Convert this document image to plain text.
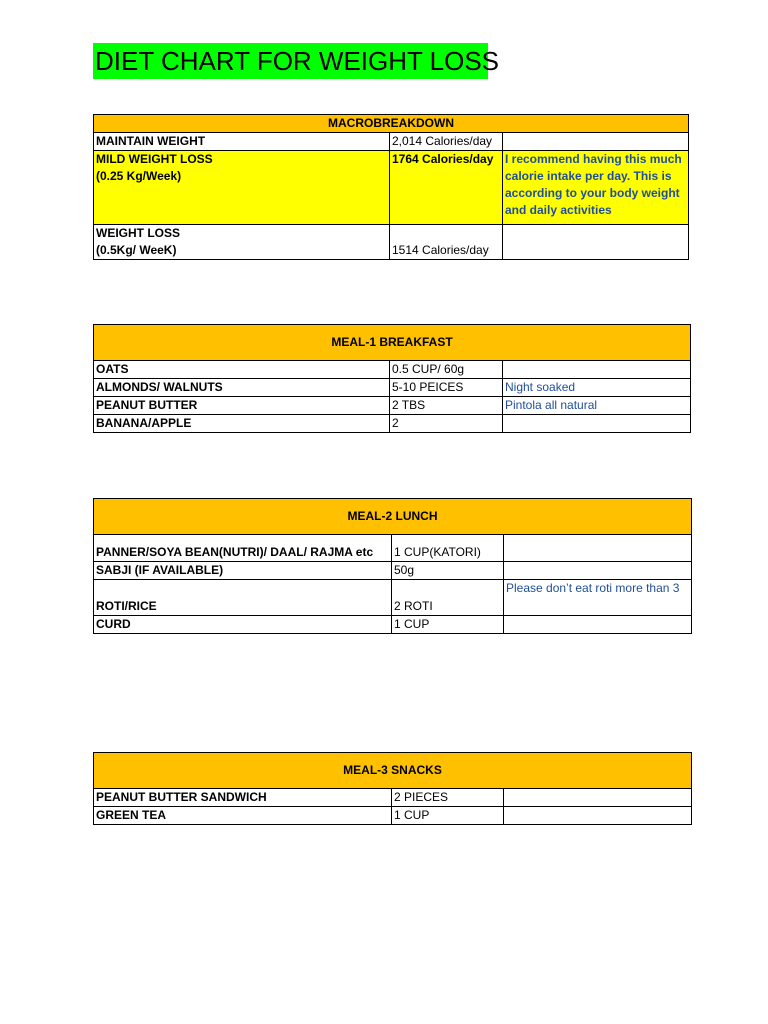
DIET CHART FOR WEIGHT LOSS
MACROBREAKDOWN		
MAINTAIN WEIGHT	2,014 Calories/day	

MILD WEIGHT LOSS
(0.25 Kg/Week)	1764 Calories/day	I recommend having this much calorie intake per day. This is according to your body weight and daily activities

WEIGHT LOSS
(0.5Kg/ WeeK)	1514 Calories/day	
MEAL-1 BREAKFAST		
OATS	0.5 CUP/ 60g	
ALMONDS/ WALNUTS	5-10 PEICES	Night soaked
PEANUT BUTTER	2 TBS	Pintola all natural
BANANA/APPLE	2	
MEAL-2 LUNCH		
PANNER/SOYA BEAN(NUTRI)/ DAAL/ RAJMA etc	1 CUP(KATORI)	
SABJI (IF AVAILABLE)	50g	
ROTI/RICE	2 ROTI	Please don’t eat roti more than 3
CURD	1 CUP	
MEAL-3 SNACKS		
PEANUT BUTTER SANDWICH	2 PIECES	
GREEN TEA	1 CUP	
